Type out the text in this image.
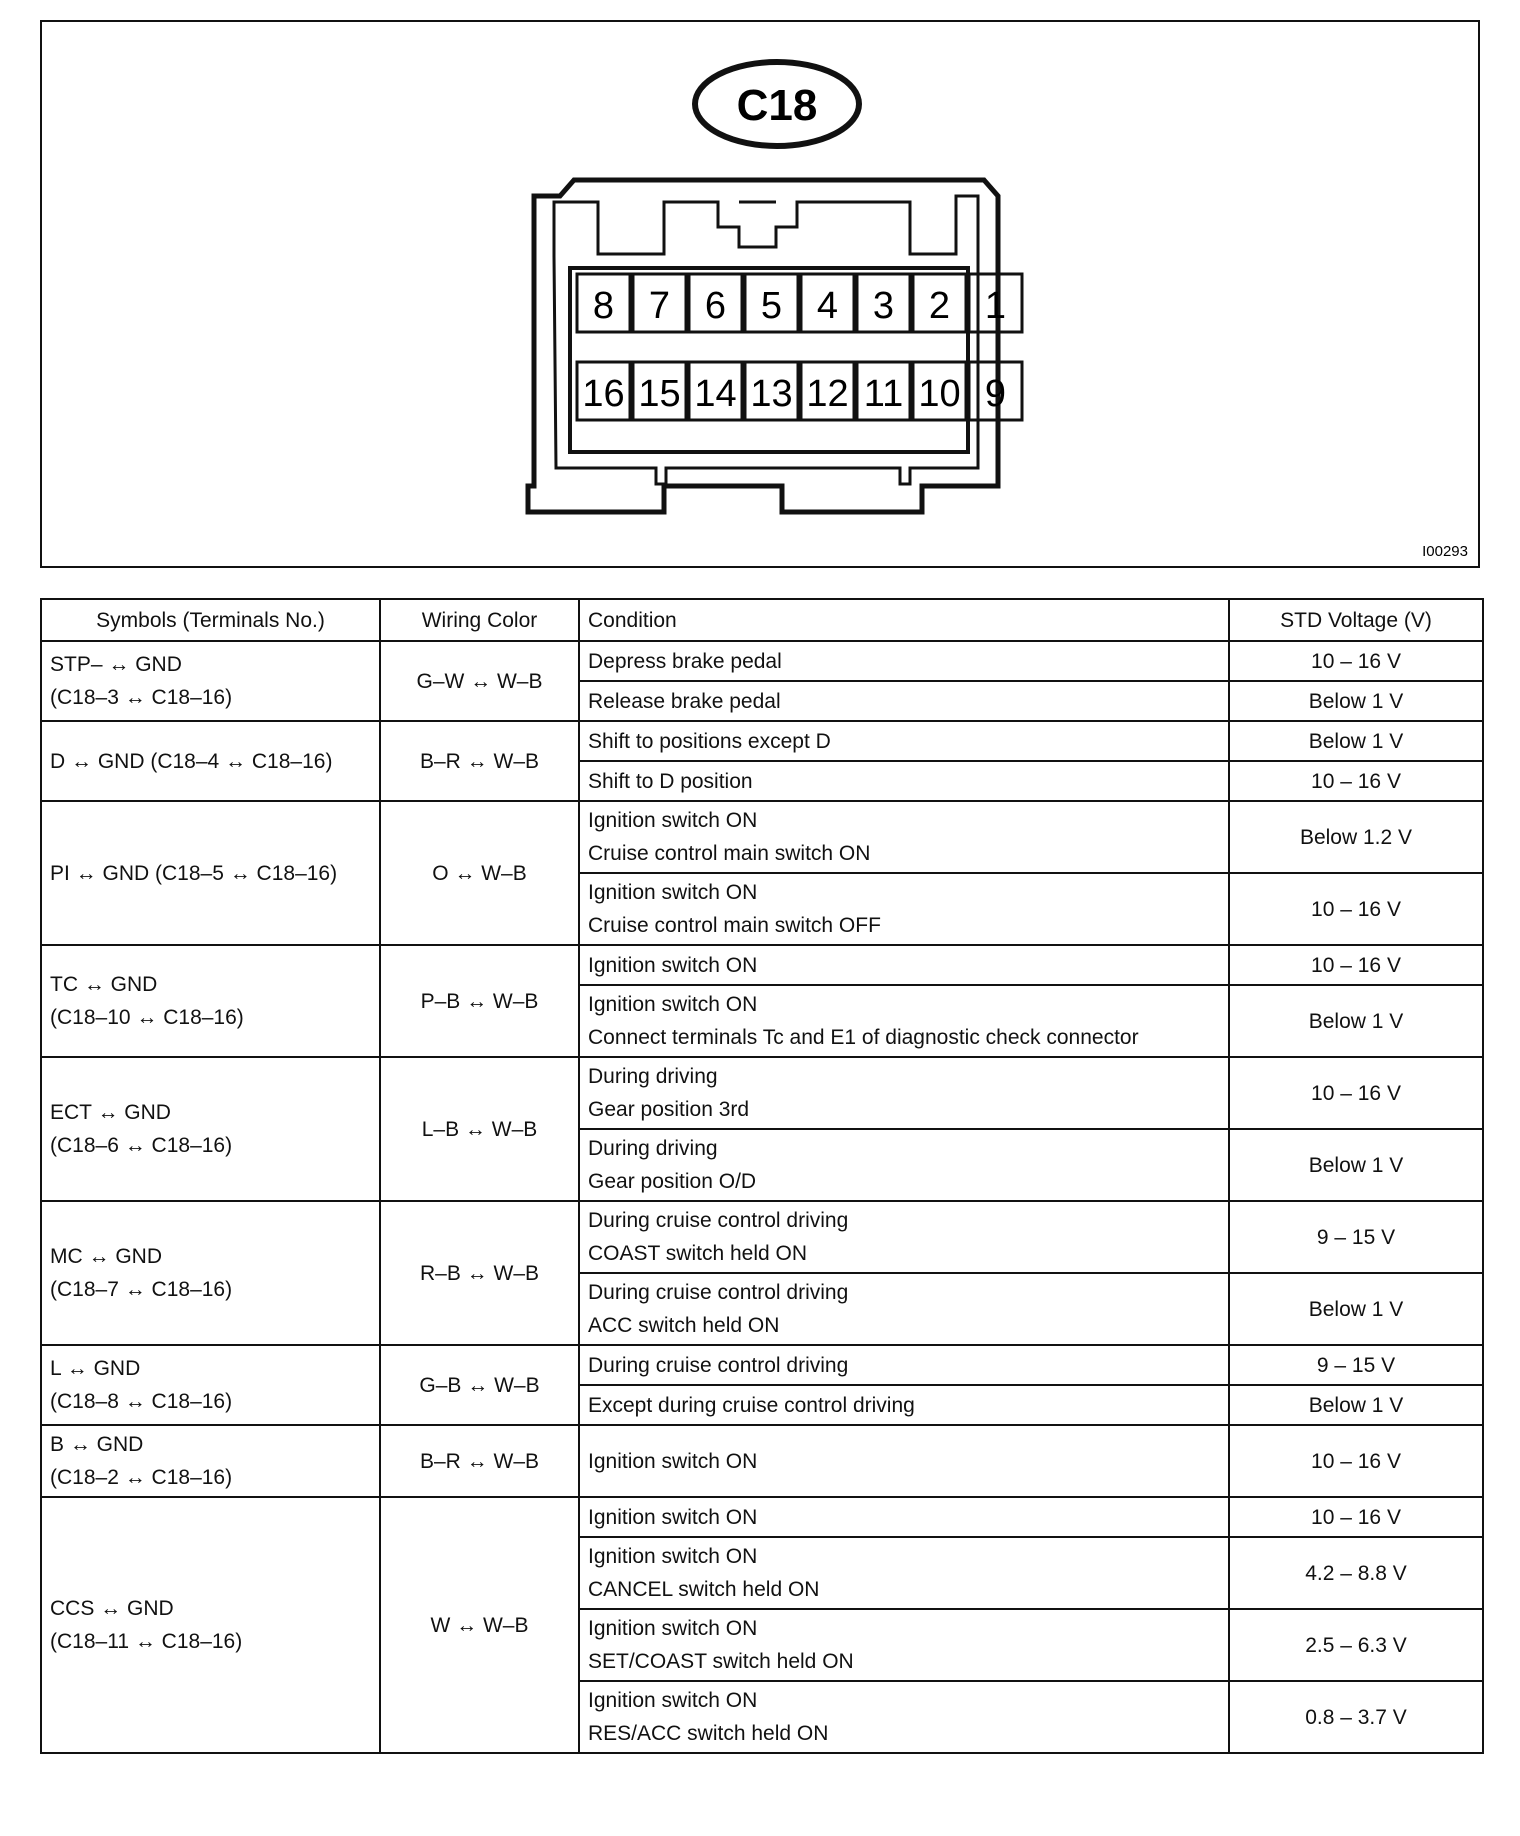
C18
8 7 6 5 4 3 2 1
16 15 14 13 12 11 10 9
I00293
Symbols (Terminals No.)	Wiring Color	Condition	STD Voltage (V)

STP– ↔ GND
(C18–3 ↔ C18–16)	G–W ↔ W–B	Depress brake pedal	10 – 16 V

		Release brake pedal	Below 1 V

D ↔ GND (C18–4 ↔ C18–16)	B–R ↔ W–B	Shift to positions except D	Below 1 V

		Shift to D position	10 – 16 V

PI ↔ GND (C18–5 ↔ C18–16)	O ↔ W–B	Ignition switch ON
Cruise control main switch ON	Below 1.2 V

		Ignition switch ON
Cruise control main switch OFF	10 – 16 V

TC ↔ GND
(C18–10 ↔ C18–16)	P–B ↔ W–B	Ignition switch ON	10 – 16 V

		Ignition switch ON
Connect terminals Tc and E1 of diagnostic check connector	Below 1 V

ECT ↔ GND
(C18–6 ↔ C18–16)	L–B ↔ W–B	During driving
Gear position 3rd	10 – 16 V

		During driving
Gear position O/D	Below 1 V

MC ↔ GND
(C18–7 ↔ C18–16)	R–B ↔ W–B	During cruise control driving
COAST switch held ON	9 – 15 V

		During cruise control driving
ACC switch held ON	Below 1 V

L ↔ GND
(C18–8 ↔ C18–16)	G–B ↔ W–B	During cruise control driving	9 – 15 V

		Except during cruise control driving	Below 1 V

B ↔ GND
(C18–2 ↔ C18–16)	B–R ↔ W–B	Ignition switch ON	10 – 16 V

CCS ↔ GND
(C18–11 ↔ C18–16)	W ↔ W–B	Ignition switch ON	10 – 16 V

		Ignition switch ON
CANCEL switch held ON	4.2 – 8.8 V

		Ignition switch ON
SET/COAST switch held ON	2.5 – 6.3 V

		Ignition switch ON
RES/ACC switch held ON	0.8 – 3.7 V
